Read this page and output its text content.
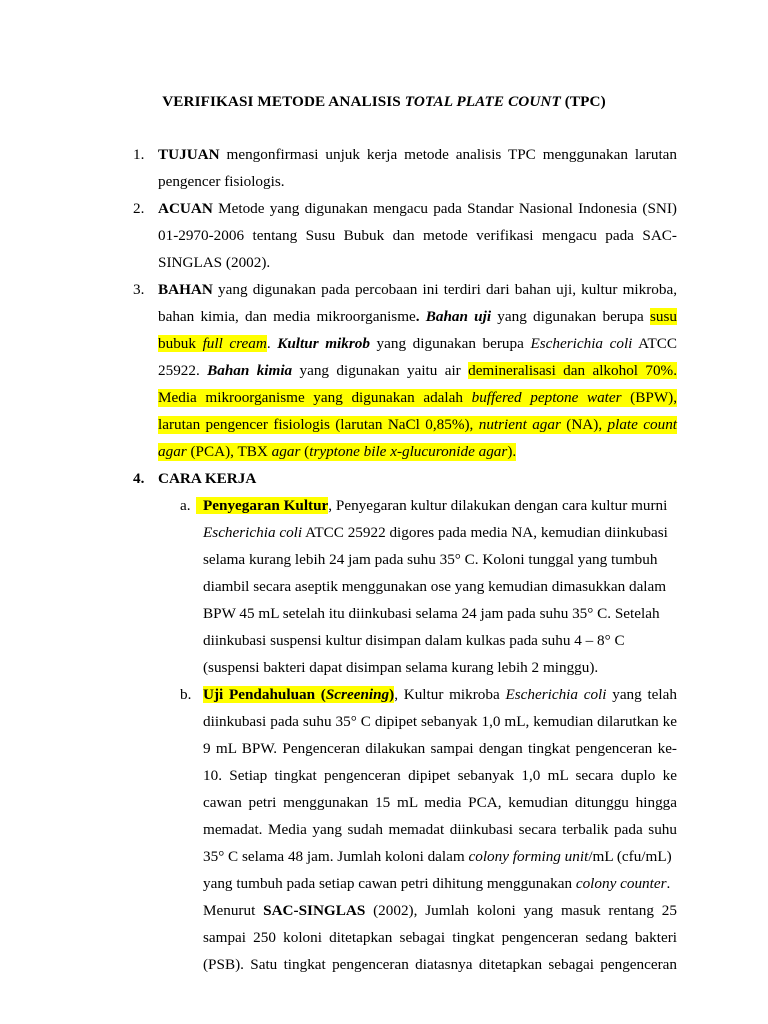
VERIFIKASI METODE ANALISIS TOTAL PLATE COUNT (TPC)
1. TUJUAN mengonfirmasi unjuk kerja metode analisis TPC menggunakan larutan
pengencer fisiologis.
2. ACUAN Metode yang digunakan mengacu pada Standar Nasional Indonesia (SNI)
01-2970-2006 tentang Susu Bubuk dan metode verifikasi mengacu pada SAC-
SINGLAS (2002).
3. BAHAN yang digunakan pada percobaan ini terdiri dari bahan uji, kultur mikroba,
bahan kimia, dan media mikroorganisme. Bahan uji yang digunakan berupa susu
bubuk full cream. Kultur mikrob yang digunakan berupa Escherichia coli ATCC
25922. Bahan kimia yang digunakan yaitu air demineralisasi dan alkohol 70%.
Media mikroorganisme yang digunakan adalah buffered peptone water (BPW),
larutan pengencer fisiologis (larutan NaCl 0,85%), nutrient agar (NA), plate count
agar (PCA), TBX agar (tryptone bile x-glucuronide agar).
4. CARA KERJA
a. Penyegaran Kultur, Penyegaran kultur dilakukan dengan cara kultur murni
Escherichia coli ATCC 25922 digores pada media NA, kemudian diinkubasi
selama kurang lebih 24 jam pada suhu 35° C. Koloni tunggal yang tumbuh
diambil secara aseptik menggunakan ose yang kemudian dimasukkan dalam
BPW 45 mL setelah itu diinkubasi selama 24 jam pada suhu 35° C. Setelah
diinkubasi suspensi kultur disimpan dalam kulkas pada suhu 4 – 8° C
(suspensi bakteri dapat disimpan selama kurang lebih 2 minggu).
b. Uji Pendahuluan (Screening), Kultur mikroba Escherichia coli yang telah
diinkubasi pada suhu 35° C dipipet sebanyak 1,0 mL, kemudian dilarutkan ke
9 mL BPW. Pengenceran dilakukan sampai dengan tingkat pengenceran ke-
10. Setiap tingkat pengenceran dipipet sebanyak 1,0 mL secara duplo ke
cawan petri menggunakan 15 mL media PCA, kemudian ditunggu hingga
memadat. Media yang sudah memadat diinkubasi secara terbalik pada suhu
35° C selama 48 jam. Jumlah koloni dalam colony forming unit/mL (cfu/mL)
yang tumbuh pada setiap cawan petri dihitung menggunakan colony counter.
Menurut SAC-SINGLAS (2002), Jumlah koloni yang masuk rentang 25
sampai 250 koloni ditetapkan sebagai tingkat pengenceran sedang bakteri
(PSB). Satu tingkat pengenceran diatasnya ditetapkan sebagai pengenceran
